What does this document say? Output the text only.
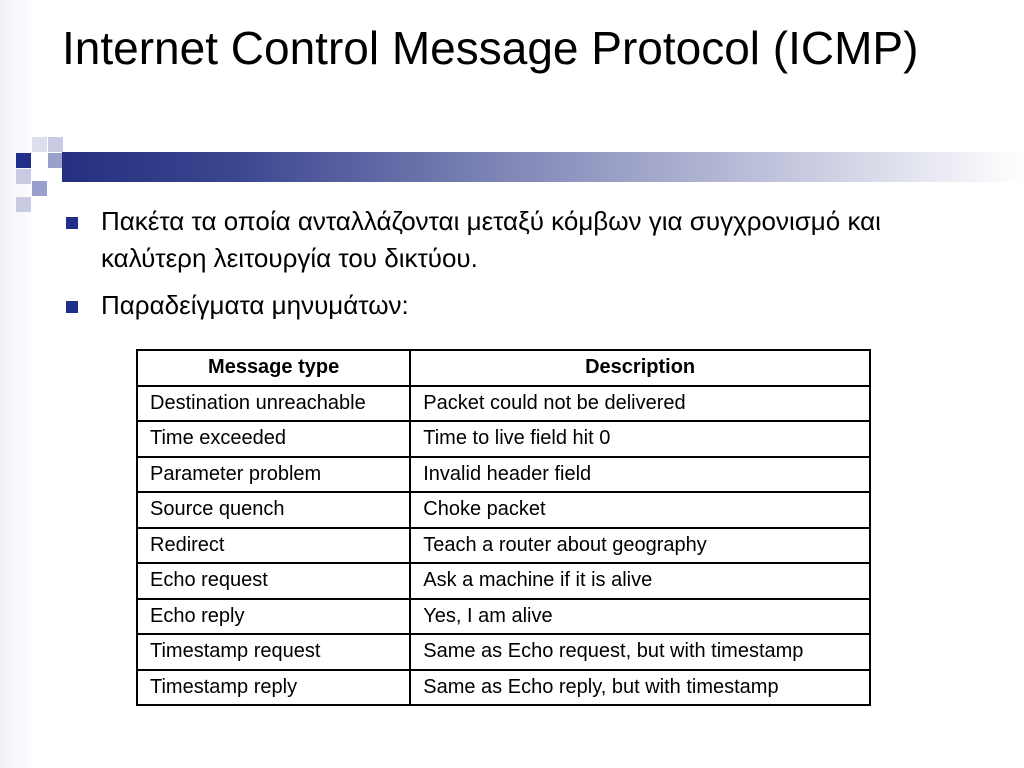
Internet Control Message Protocol (ICMP)
Πακέτα τα οποία ανταλλάζονται μεταξύ κόμβων για συγχρονισμό και καλύτερη λειτουργία του δικτύου.
Παραδείγματα μηνυμάτων:
Message type	Description
Destination unreachable	Packet could not be delivered
Time exceeded	Time to live field hit 0
Parameter problem	Invalid header field
Source quench	Choke packet
Redirect	Teach a router about geography
Echo request	Ask a machine if it is alive
Echo reply	Yes, I am alive
Timestamp request	Same as Echo request, but with timestamp
Timestamp reply	Same as Echo reply, but with timestamp
